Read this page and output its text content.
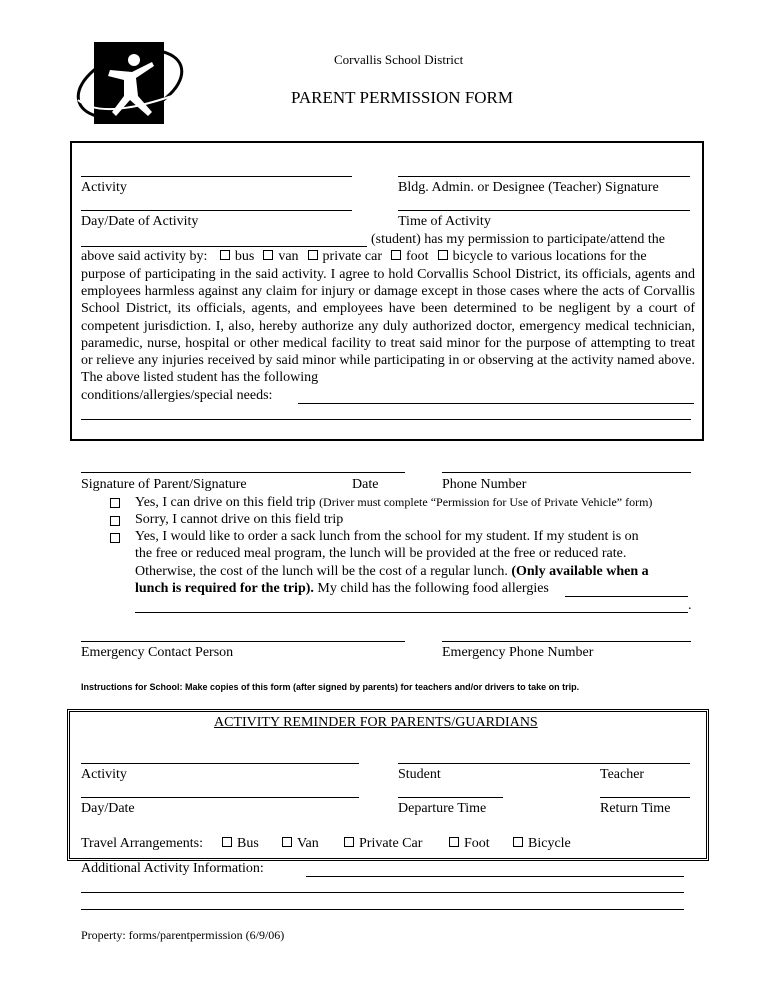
Corvallis School District
PARENT PERMISSION FORM
Activity	Bldg. Admin. or Designee (Teacher) Signature
Day/Date of Activity	Time of Activity
(student) has my permission to participate/attend the
above said activity by: bus van private car foot bicycle to various locations for the
purpose of participating in the said activity. I agree to hold Corvallis School District, its officials, agents and employees harmless against any claim for injury or damage except in those cases where the acts of Corvallis School District, its officials, agents, and employees have been determined to be negligent by a court of competent jurisdiction. I, also, hereby authorize any duly authorized doctor, emergency medical technician, paramedic, nurse, hospital or other medical facility to treat said minor for the purpose of attempting to treat or relieve any injuries received by said minor while participating in or observing at the activity named above. The above listed student has the following
conditions/allergies/special needs:
Signature of Parent/Signature	Date	Phone Number
Yes, I can drive on this field trip (Driver must complete “Permission for Use of Private Vehicle” form)
Sorry, I cannot drive on this field trip
Yes, I would like to order a sack lunch from the school for my student. If my student is on
the free or reduced meal program, the lunch will be provided at the free or reduced rate.
Otherwise, the cost of the lunch will be the cost of a regular lunch. (Only available when a
lunch is required for the trip). My child has the following food allergies
.
Emergency Contact Person	Emergency Phone Number
Instructions for School: Make copies of this form (after signed by parents) for teachers and/or drivers to take on trip.
ACTIVITY REMINDER FOR PARENTS/GUARDIANS
Activity	Student	Teacher
Day/Date	Departure Time	Return Time
Travel Arrangements:	Bus	Van	Private Car	Foot	Bicycle
Additional Activity Information:
Property: forms/parentpermission (6/9/06)
